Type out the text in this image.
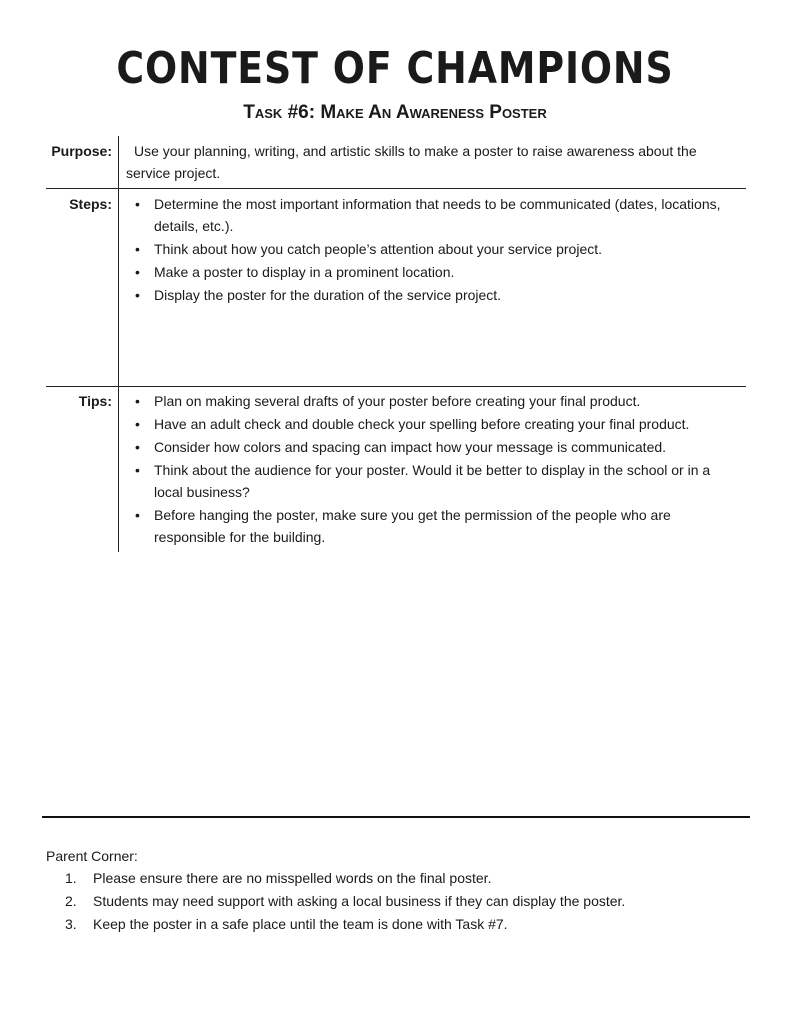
CONTEST OF CHAMPIONS
Task #6: Make An Awareness Poster
Purpose:	Use your planning, writing, and artistic skills to make a poster to raise awareness about the service project.
Steps:	• Determine the most important information that needs to be communicated (dates, locations, details, etc.).
• Think about how you catch people’s attention about your service project.
• Make a poster to display in a prominent location.
• Display the poster for the duration of the service project.
Tips:	• Plan on making several drafts of your poster before creating your final product.
• Have an adult check and double check your spelling before creating your final product.
• Consider how colors and spacing can impact how your message is communicated.
• Think about the audience for your poster. Would it be better to display in the school or in a local business?
• Before hanging the poster, make sure you get the permission of the people who are responsible for the building.
Parent Corner:
1. Please ensure there are no misspelled words on the final poster.
2. Students may need support with asking a local business if they can display the poster.
3. Keep the poster in a safe place until the team is done with Task #7.
